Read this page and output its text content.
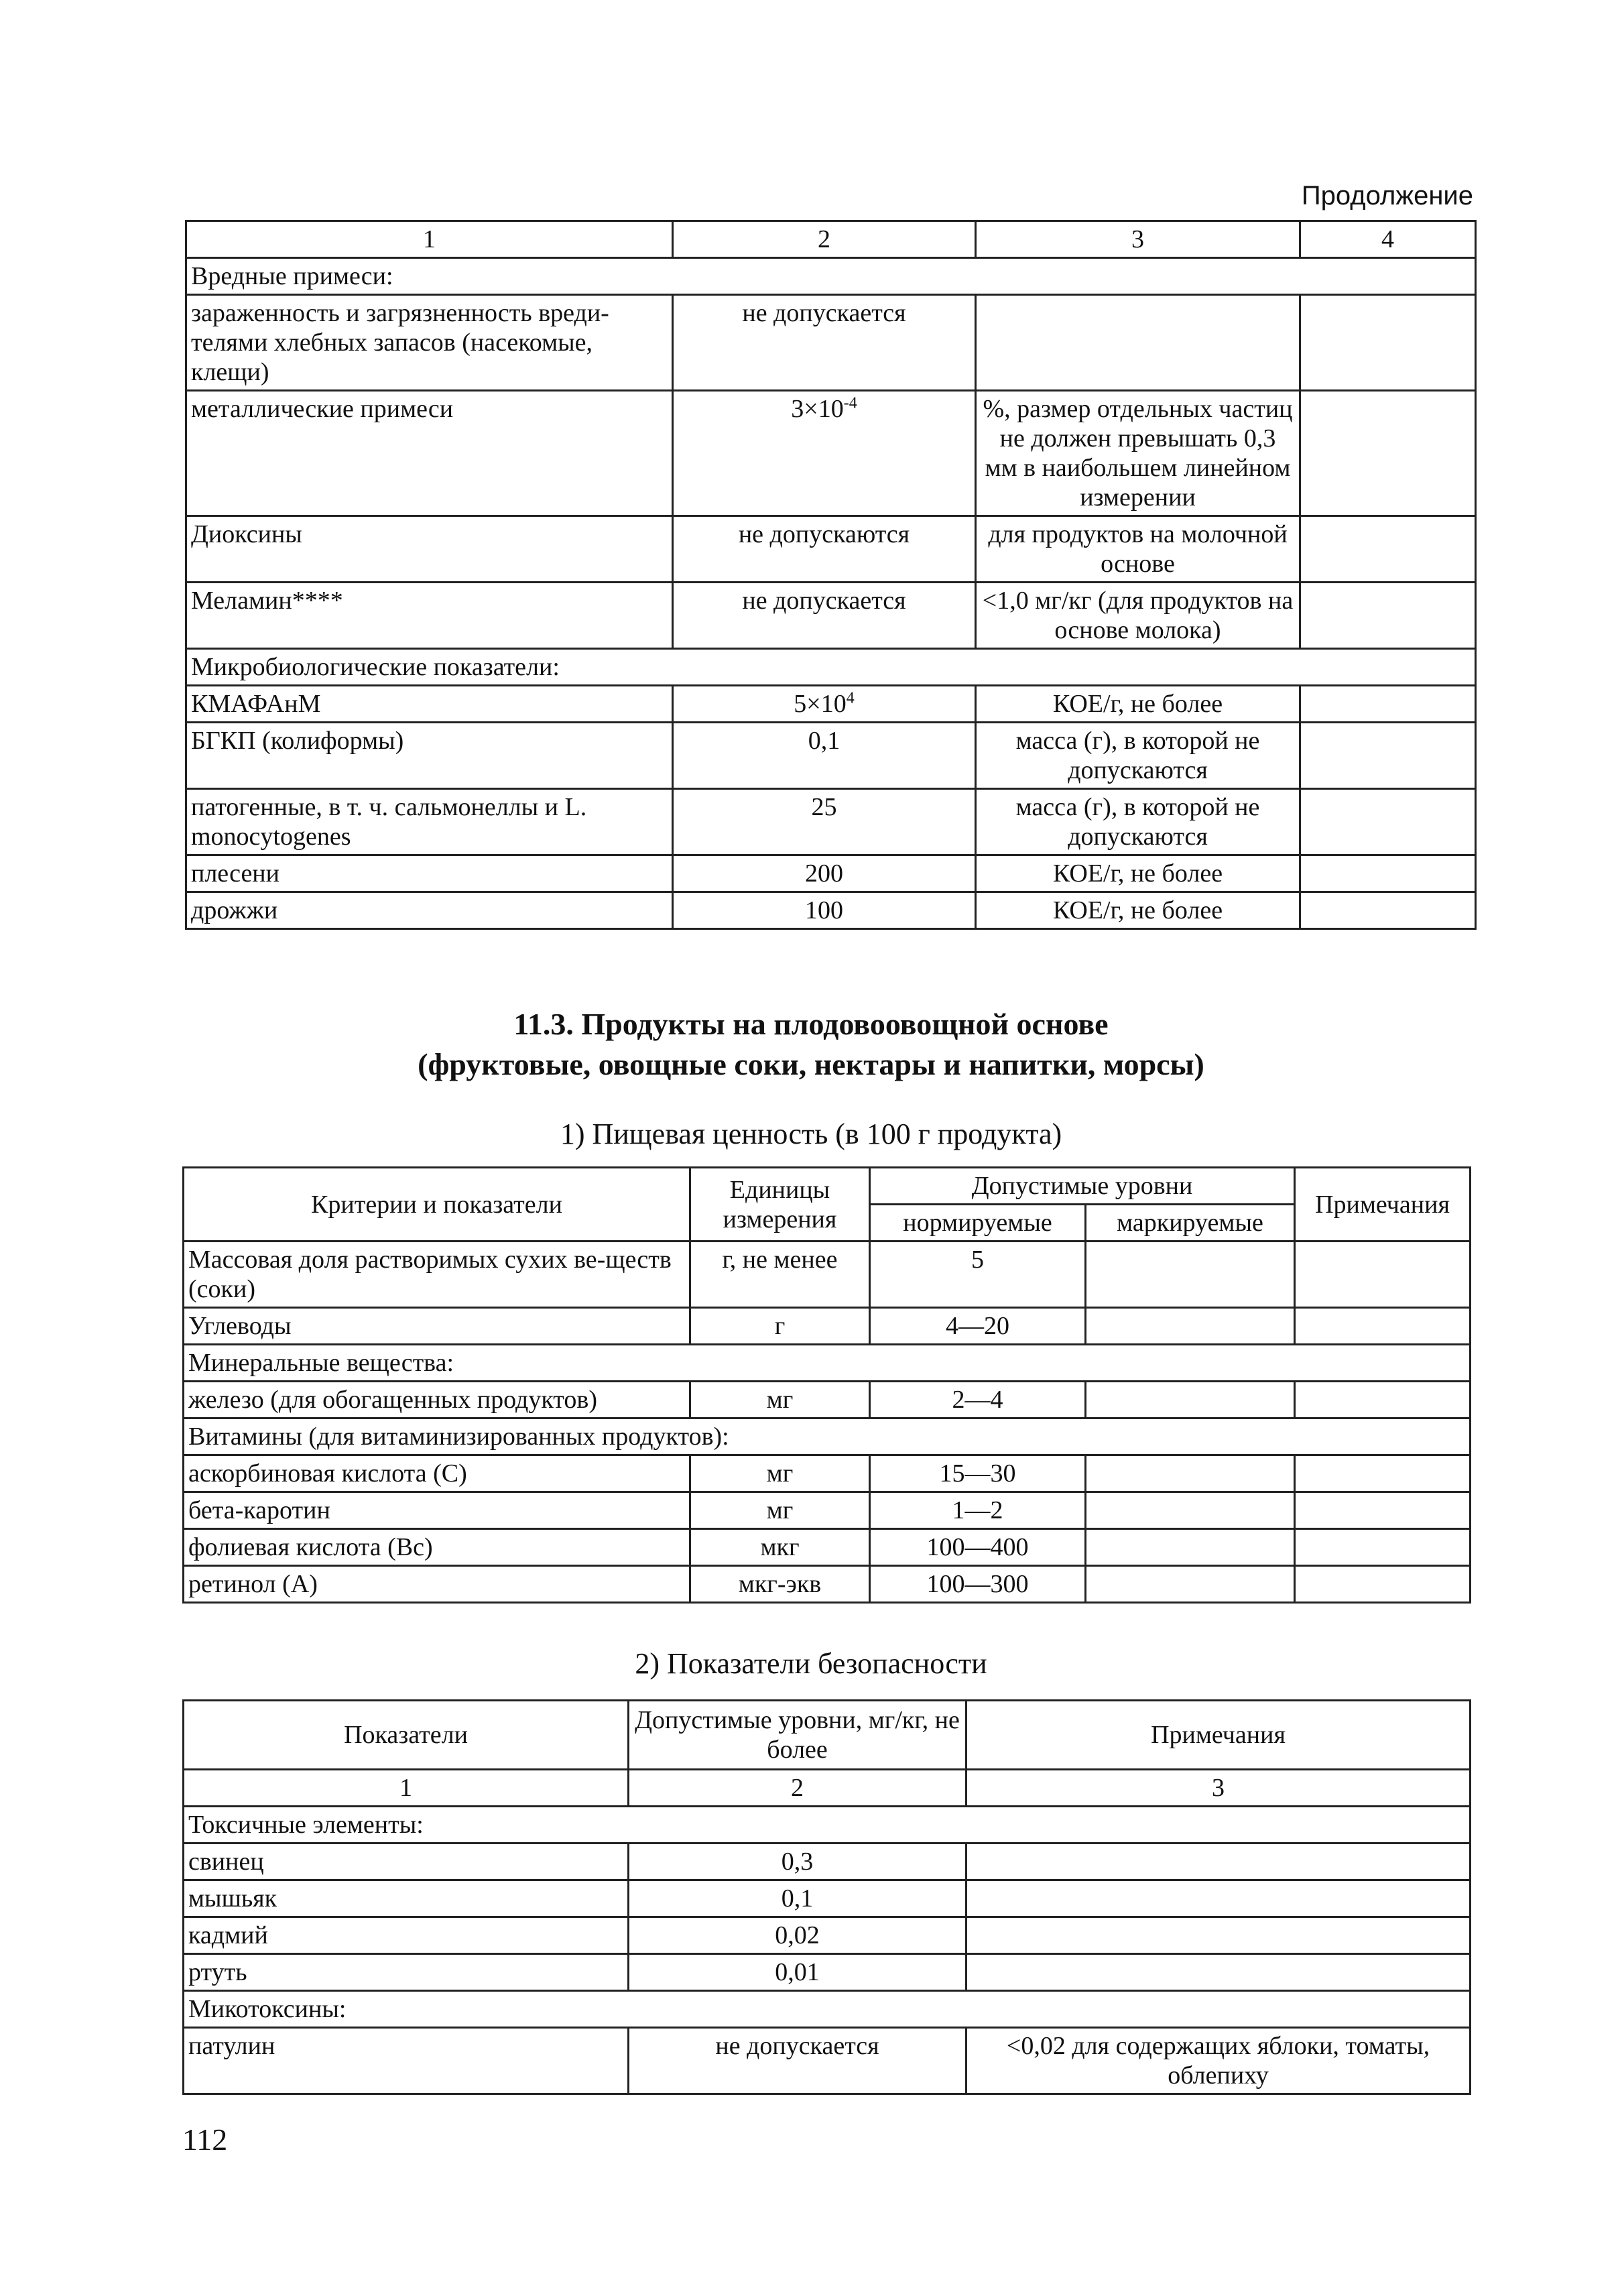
Продолжение
1	2	3	4
Вредные примеси:			
зараженность и загрязненность вреди-телями хлебных запасов (насекомые, клещи)	не допускается		
металлические примеси	$3\times 10^{-4}$	%, размер отдельных частиц не должен превышать 0,3 мм в наибольшем линейном измерении	
Диоксины	не допускаются	для продуктов на молочной основе	
Меламин****	не допускается	<1,0 мг/кг (для продуктов на основе молока)	
Микробиологические показатели:			
КМАФАнМ	$5\times 10^4$	КОЕ/г, не более	
БГКП (колиформы)	0,1	масса (г), в которой не допускаются	
патогенные, в т. ч. сальмонеллы и L. monocytogenes	25	масса (г), в которой не допускаются	
плесени	200	КОЕ/г, не более	
дрожжи	100	КОЕ/г, не более	
11.3. Продукты на плодовоовощной основе
(фруктовые, овощные соки, нектары и напитки, морсы)
1) Пищевая ценность (в 100 г продукта)
Критерии и показатели	Единицы измерения	Допустимые уровни		Примечания
		нормируемые	маркируемые	
Массовая доля растворимых сухих ве-ществ (соки)	г, не менее	5		
Углеводы	г	4—20		
Минеральные вещества:				
железо (для обогащенных продуктов)	мг	2—4		
Витамины (для витаминизированных продуктов):				
аскорбиновая кислота (С)	мг	15—30		
бета-каротин	мг	1—2		
фолиевая кислота (Вс)	мкг	100—400		
ретинол (А)	мкг-экв	100—300		
2) Показатели безопасности
Показатели	Допустимые уровни, мг/кг, не более	Примечания
1	2	3
Токсичные элементы:		
свинец	0,3	
мышьяк	0,1	
кадмий	0,02	
ртуть	0,01	
Микотоксины:		
патулин	не допускается	<0,02 для содержащих яблоки, томаты, облепиху
112
